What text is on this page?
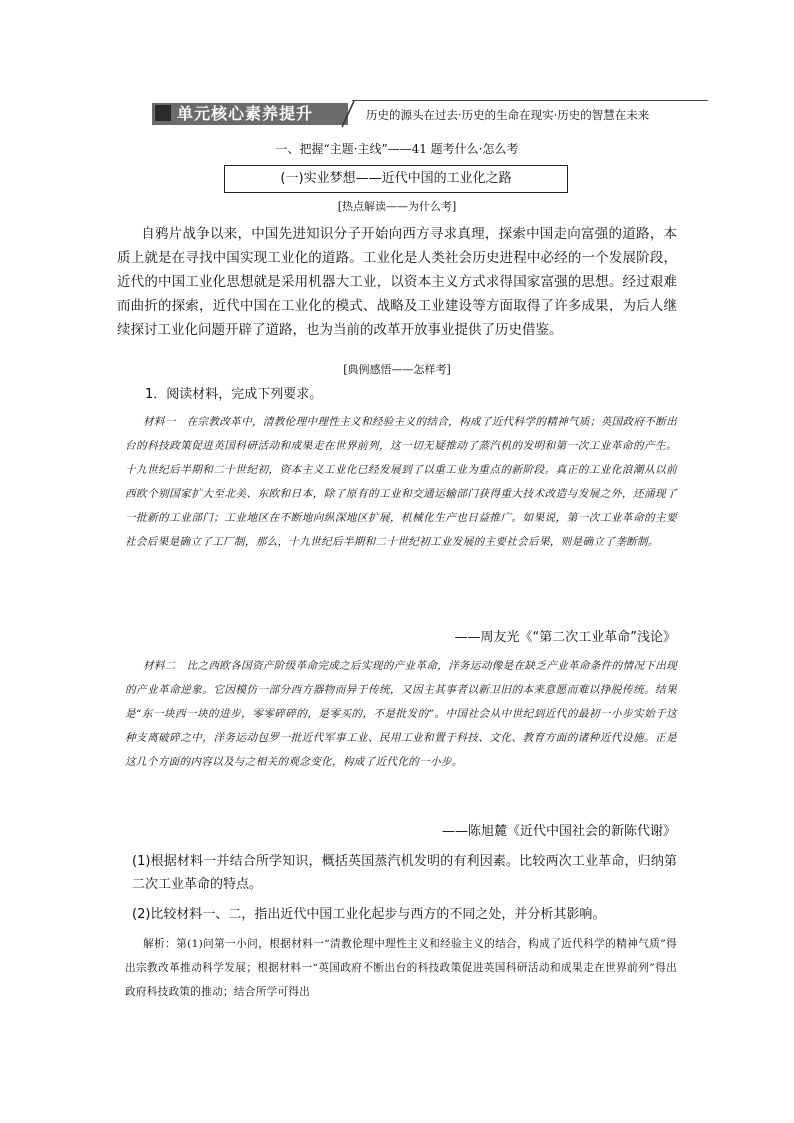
单元核心素养提升	历史的源头在过去·历史的生命在现实·历史的智慧在未来
一、把握“主题·主线”——41 题考什么·怎么考
(一)实业梦想——近代中国的工业化之路
[热点解读——为什么考]
自鸦片战争以来，中国先进知识分子开始向西方寻求真理，探索中国走向富强的道路，本质上就是在寻找中国实现工业化的道路。工业化是人类社会历史进程中必经的一个发展阶段，近代的中国工业化思想就是采用机器大工业，以资本主义方式求得国家富强的思想。经过艰难而曲折的探索，近代中国在工业化的模式、战略及工业建设等方面取得了许多成果，为后人继续探讨工业化问题开辟了道路，也为当前的改革开放事业提供了历史借鉴。
[典例感悟——怎样考]
1．阅读材料，完成下列要求。
材料一　在宗教改革中，清教伦理中理性主义和经验主义的结合，构成了近代科学的精神气质；英国政府不断出台的科技政策促进英国科研活动和成果走在世界前列，这一切无疑推动了蒸汽机的发明和第一次工业革命的产生。十九世纪后半期和二十世纪初，资本主义工业化已经发展到了以重工业为重点的新阶段。真正的工业化浪潮从以前西欧个别国家扩大至北美、东欧和日本，除了原有的工业和交通运输部门获得重大技术改造与发展之外，还涌现了一批新的工业部门；工业地区在不断地向纵深地区扩展，机械化生产也日益推广。如果说，第一次工业革命的主要社会后果是确立了工厂制，那么，十九世纪后半期和二十世纪初工业发展的主要社会后果，则是确立了垄断制。
——周友光《“第二次工业革命”浅论》
材料二　比之西欧各国资产阶级革命完成之后实现的产业革命，洋务运动像是在缺乏产业革命条件的情况下出现的产业革命逆象。它因模仿一部分西方器物而异于传统，又因主其事者以新卫旧的本来意愿而难以挣脱传统。结果是“东一块西一块的进步，零零碎碎的，是零买的，不是批发的”。中国社会从中世纪到近代的最初一小步实始于这种支离破碎之中，洋务运动包罗一批近代军事工业、民用工业和置于科技、文化、教育方面的诸种近代设施。正是这几个方面的内容以及与之相关的观念变化，构成了近代化的一小步。
——陈旭麓《近代中国社会的新陈代谢》
(1)根据材料一并结合所学知识，概括英国蒸汽机发明的有利因素。比较两次工业革命，归纳第二次工业革命的特点。
(2)比较材料一、二，指出近代中国工业化起步与西方的不同之处，并分析其影响。
解析：第(1)问第一小问，根据材料一“清教伦理中理性主义和经验主义的结合，构成了近代科学的精神气质”得出宗教改革推动科学发展；根据材料一“英国政府不断出台的科技政策促进英国科研活动和成果走在世界前列”得出政府科技政策的推动；结合所学可得出
